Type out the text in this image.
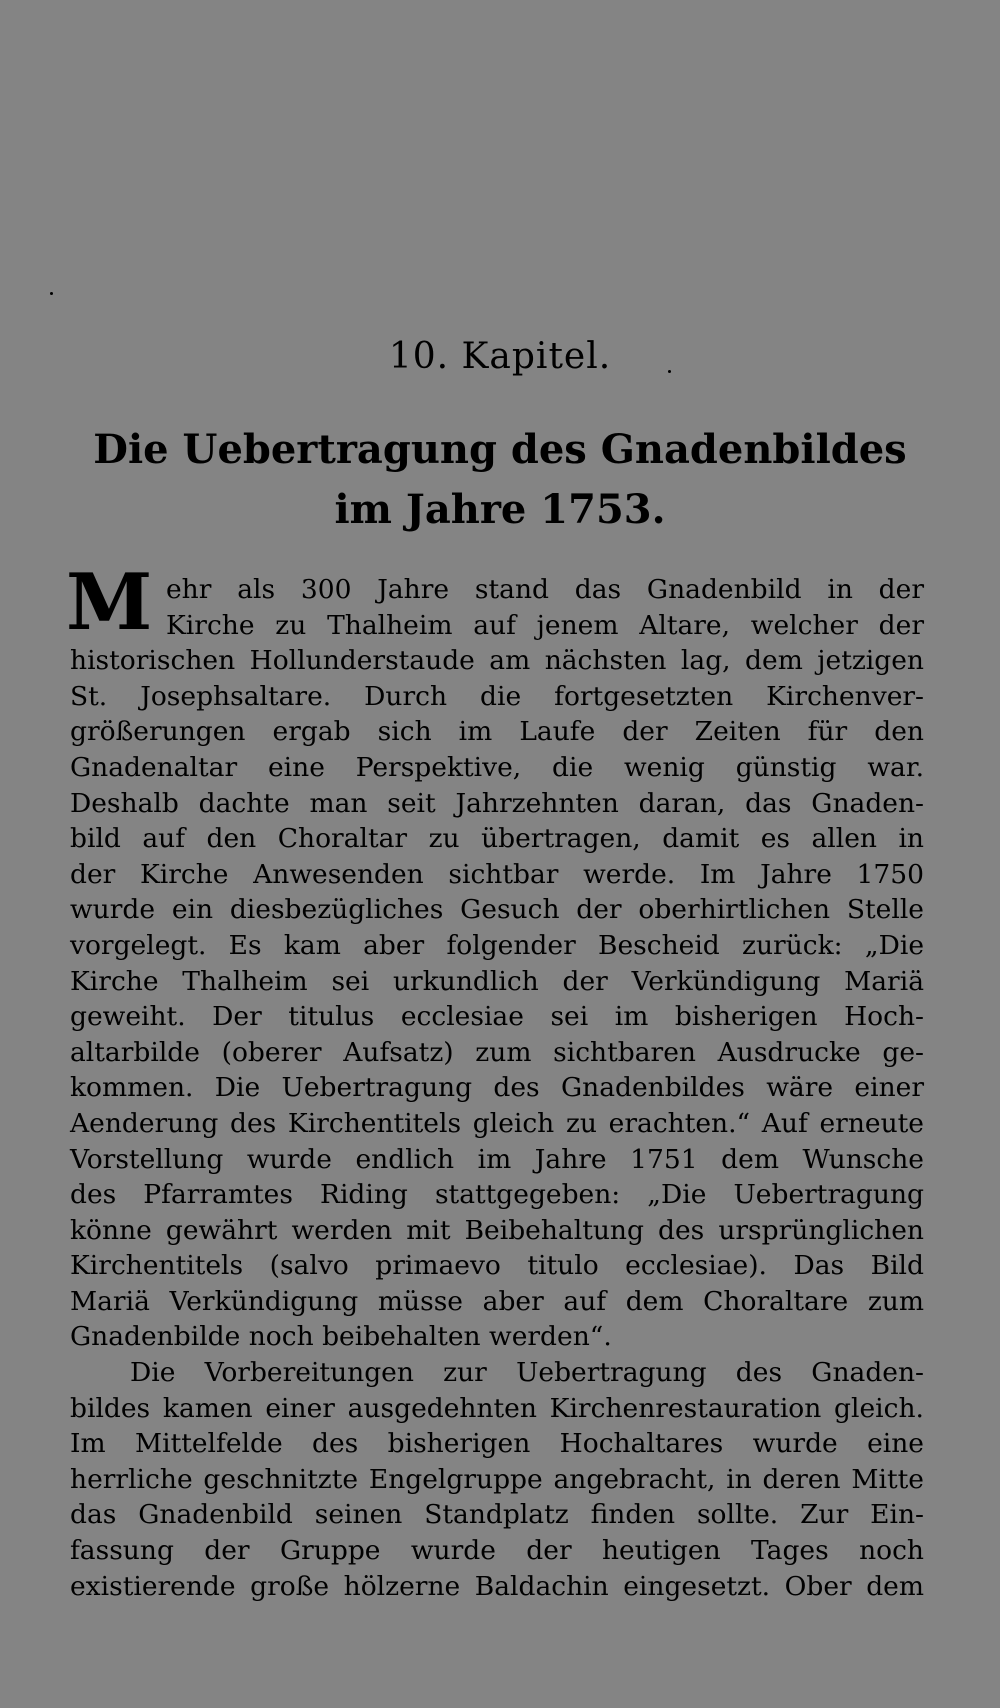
10. Kapitel.
Die Uebertragung des Gnadenbildes
im Jahre 1753.
M ehr als 300 Jahre stand das Gnadenbild in der
Kirche zu Thalheim auf jenem Altare, welcher der
historischen Hollunderstaude am nächsten lag, dem jetzigen
St. Josephsaltare. Durch die fortgesetzten Kirchenver-
größerungen ergab sich im Laufe der Zeiten für den
Gnadenaltar eine Perspektive, die wenig günstig war.
Deshalb dachte man seit Jahrzehnten daran, das Gnaden-
bild auf den Choraltar zu übertragen, damit es allen in
der Kirche Anwesenden sichtbar werde. Im Jahre 1750
wurde ein diesbezügliches Gesuch der oberhirtlichen Stelle
vorgelegt. Es kam aber folgender Bescheid zurück: „Die
Kirche Thalheim sei urkundlich der Verkündigung Mariä
geweiht. Der titulus ecclesiae sei im bisherigen Hoch-
altarbilde (oberer Aufsatz) zum sichtbaren Ausdrucke ge-
kommen. Die Uebertragung des Gnadenbildes wäre einer
Aenderung des Kirchentitels gleich zu erachten.“ Auf erneute
Vorstellung wurde endlich im Jahre 1751 dem Wunsche
des Pfarramtes Riding stattgegeben: „Die Uebertragung
könne gewährt werden mit Beibehaltung des ursprünglichen
Kirchentitels (salvo primaevo titulo ecclesiae). Das Bild
Mariä Verkündigung müsse aber auf dem Choraltare zum
Gnadenbilde noch beibehalten werden“.
Die Vorbereitungen zur Uebertragung des Gnaden-
bildes kamen einer ausgedehnten Kirchenrestauration gleich.
Im Mittelfelde des bisherigen Hochaltares wurde eine
herrliche geschnitzte Engelgruppe angebracht, in deren Mitte
das Gnadenbild seinen Standplatz finden sollte. Zur Ein-
fassung der Gruppe wurde der heutigen Tages noch
existierende große hölzerne Baldachin eingesetzt. Ober dem
